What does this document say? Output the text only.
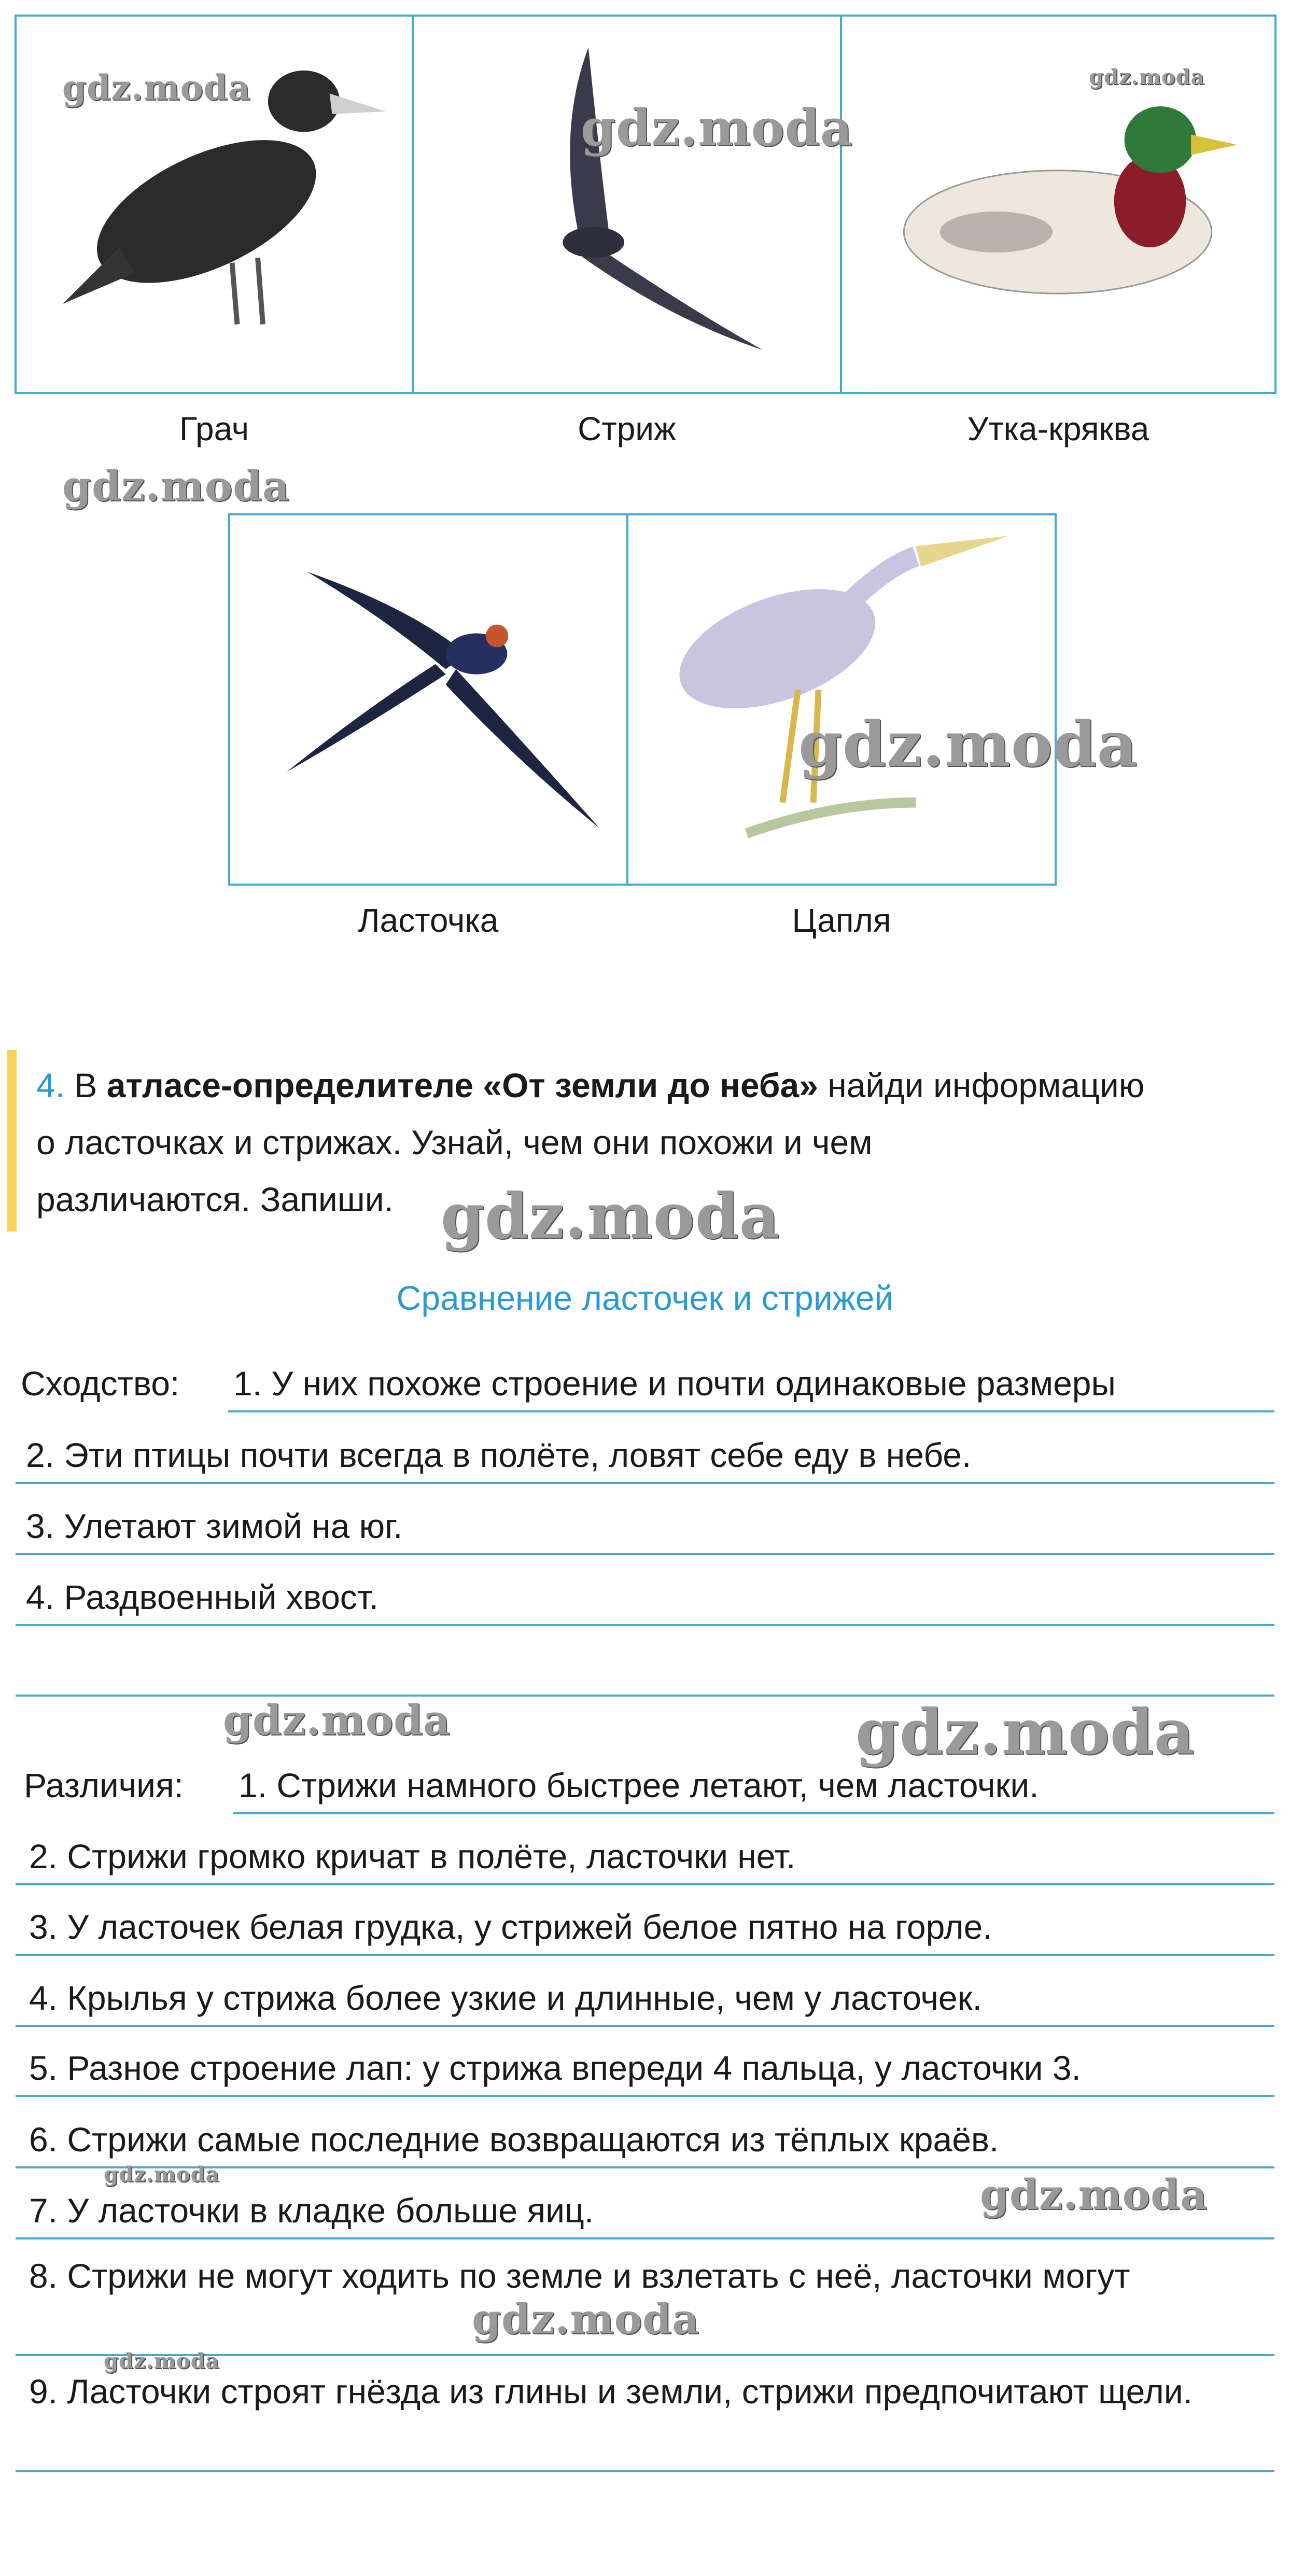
Грач	Стриж	Утка-кряква
Ласточка	Цапля
4. В атласе-определителе «От земли до неба» найди информацию
о ласточках и стрижах. Узнай, чем они похожи и чем
различаются. Запиши.
Сравнение ласточек и стрижей
Сходство: 1. У них похоже строение и почти одинаковые размеры
2. Эти птицы почти всегда в полёте, ловят себе еду в небе.
3. Улетают зимой на юг.
4. Раздвоенный хвост.
Различия: 1. Стрижи намного быстрее летают, чем ласточки.
2. Стрижи громко кричат в полёте, ласточки нет.
3. У ласточек белая грудка, у стрижей белое пятно на горле.
4. Крылья у стрижа более узкие и длинные, чем у ласточек.
5. Разное строение лап: у стрижа впереди 4 пальца, у ласточки 3.
6. Стрижи самые последние возвращаются из тёплых краёв.
7. У ласточки в кладке больше яиц.
8. Стрижи не могут ходить по земле и взлетать с неё, ласточки могут
9. Ласточки строят гнёзда из глины и земли, стрижи предпочитают щели.
gdz.moda
gdz.moda
gdz.moda
gdz.moda
gdz.moda
gdz.moda
gdz.moda	gdz.moda
gdz.moda	gdz.moda
gdz.moda
gdz.moda
